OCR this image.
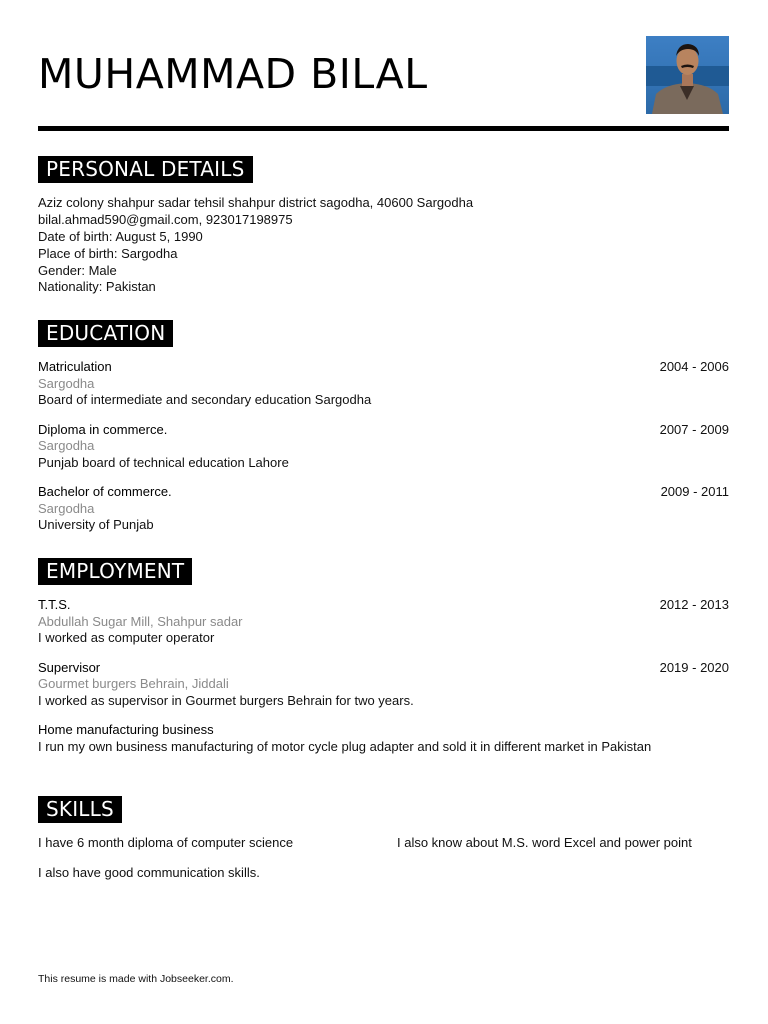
MUHAMMAD BILAL
PERSONAL DETAILS
Aziz colony shahpur sadar tehsil shahpur district sagodha, 40600 Sargodha
bilal.ahmad590@gmail.com, 923017198975
Date of birth: August 5, 1990
Place of birth: Sargodha
Gender: Male
Nationality: Pakistan
EDUCATION
Matriculation	2004 - 2006
Sargodha
Board of intermediate and secondary education Sargodha
Diploma in commerce.	2007 - 2009
Sargodha
Punjab board of technical education Lahore
Bachelor of commerce.	2009 - 2011
Sargodha
University of Punjab
EMPLOYMENT
T.T.S.	2012 - 2013
Abdullah Sugar Mill, Shahpur sadar
I worked as computer operator
Supervisor	2019 - 2020
Gourmet burgers Behrain, Jiddali
I worked as supervisor in Gourmet burgers Behrain for two years.
Home manufacturing business
I run my own business manufacturing of motor cycle plug adapter and sold it in different market in Pakistan
SKILLS
I have 6 month diploma of computer science	I also know about M.S. word Excel and power point
I also have good communication skills.
This resume is made with Jobseeker.com.
